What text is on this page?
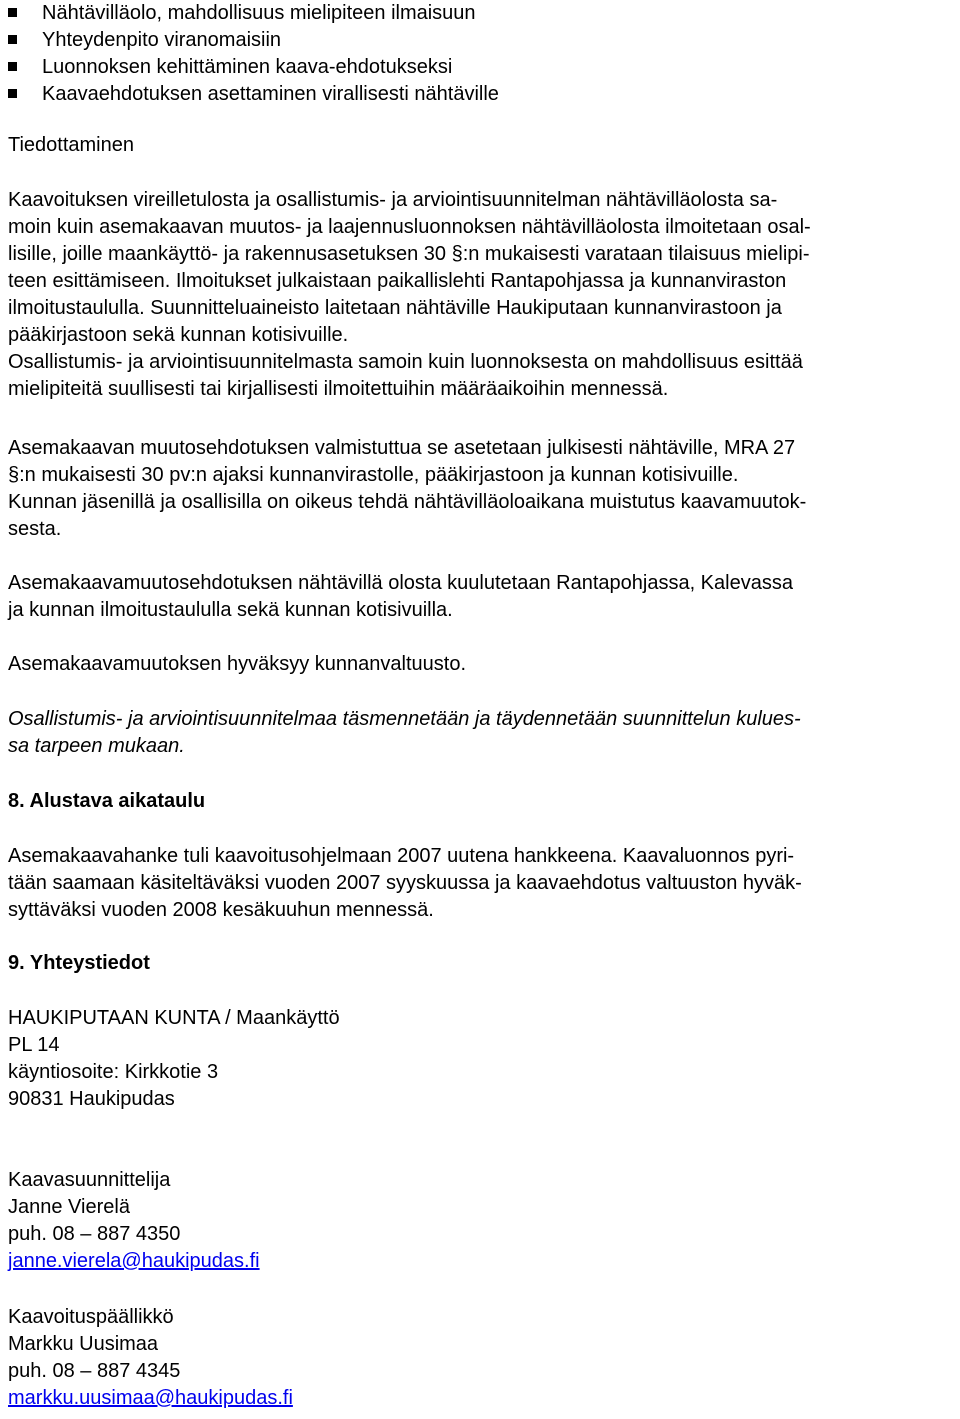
Nähtävilläolo, mahdollisuus mielipiteen ilmaisuun
Yhteydenpito viranomaisiin
Luonnoksen kehittäminen kaava-ehdotukseksi
Kaavaehdotuksen asettaminen virallisesti nähtäville

Tiedottaminen

Kaavoituksen vireilletulosta ja osallistumis- ja arviointisuunnitelman nähtävilläolosta sa-
moin kuin asemakaavan muutos- ja laajennusluonnoksen nähtävilläolosta ilmoitetaan osal-
lisille, joille maankäyttö- ja rakennusasetuksen 30 §:n mukaisesti varataan tilaisuus mielipi-
teen esittämiseen. Ilmoitukset julkaistaan paikallislehti Rantapohjassa ja kunnanviraston
ilmoitustaululla. Suunnitteluaineisto laitetaan nähtäville Haukiputaan kunnanvirastoon ja
pääkirjastoon sekä kunnan kotisivuille.
Osallistumis- ja arviointisuunnitelmasta samoin kuin luonnoksesta on mahdollisuus esittää
mielipiteitä suullisesti tai kirjallisesti ilmoitettuihin määräaikoihin mennessä.
Asemakaavan muutosehdotuksen valmistuttua se asetetaan julkisesti nähtäville, MRA 27
§:n mukaisesti 30 pv:n ajaksi kunnanvirastolle, pääkirjastoon ja kunnan kotisivuille.
Kunnan jäsenillä ja osallisilla on oikeus tehdä nähtävilläoloaikana muistutus kaavamuutok-
sesta.
Asemakaavamuutosehdotuksen nähtävillä olosta kuulutetaan Rantapohjassa, Kalevassa
ja kunnan ilmoitustaululla sekä kunnan kotisivuilla.
Asemakaavamuutoksen hyväksyy kunnanvaltuusto.
Osallistumis- ja arviointisuunnitelmaa täsmennetään ja täydennetään suunnittelun kulues-
sa tarpeen mukaan.
8. Alustava aikataulu
Asemakaavahanke tuli kaavoitusohjelmaan 2007 uutena hankkeena. Kaavaluonnos pyri-
tään saamaan käsiteltäväksi vuoden 2007 syyskuussa ja kaavaehdotus valtuuston hyväk-
syttäväksi vuoden 2008 kesäkuuhun mennessä.
9. Yhteystiedot
HAUKIPUTAAN KUNTA / Maankäyttö
PL 14
käyntiosoite: Kirkkotie 3
90831 Haukipudas
Kaavasuunnittelija
Janne Vierelä
puh. 08 – 887 4350
janne.vierela@haukipudas.fi
Kaavoituspäällikkö
Markku Uusimaa
puh. 08 – 887 4345
markku.uusimaa@haukipudas.fi
